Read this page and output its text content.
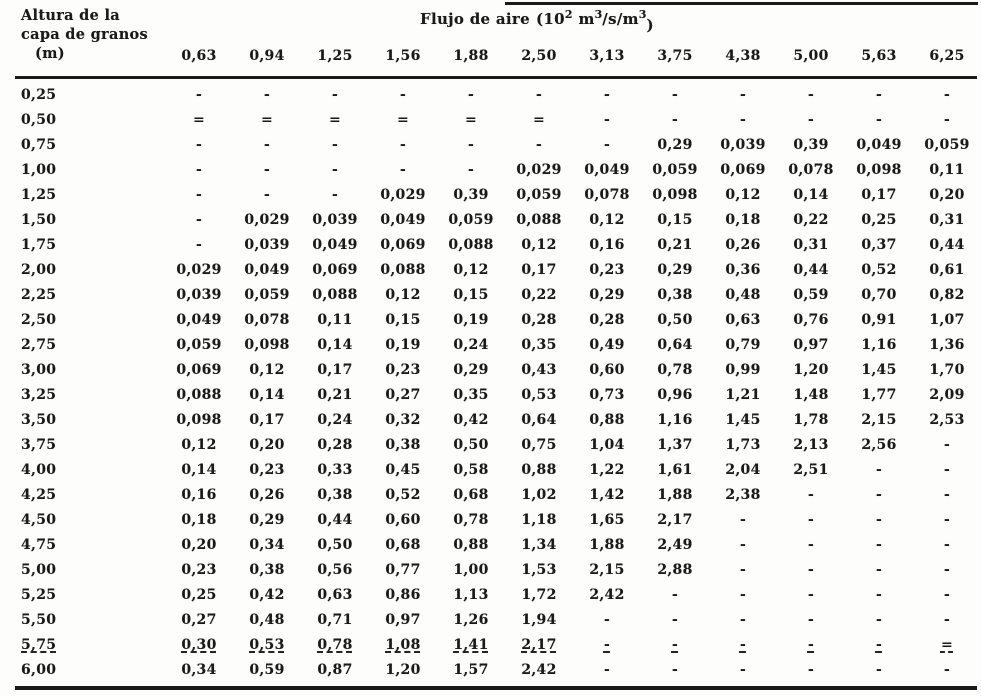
Altura de la
capa de granos
(m)
Flujo de aire ($10^2$ $m^3/s/m^3$)
0,63	0,94	1,25	1,56	1,88	2,50	3,13	3,75	4,38	5,00	5,63	6,25
0,25	-	-	-	-	-	-	-	-	-	-	-	-
0,50	=	=	=	=	=	=	-	-	-	-	-	-
0,75	-	-	-	-	-	-	-	0,29	0,039	0,39	0,049	0,059
1,00	-	-	-	-	-	0,029	0,049	0,059	0,069	0,078	0,098	0,11
1,25	-	-	-	0,029	0,39	0,059	0,078	0,098	0,12	0,14	0,17	0,20
1,50	-	0,029	0,039	0,049	0,059	0,088	0,12	0,15	0,18	0,22	0,25	0,31
1,75	-	0,039	0,049	0,069	0,088	0,12	0,16	0,21	0,26	0,31	0,37	0,44
2,00	0,029	0,049	0,069	0,088	0,12	0,17	0,23	0,29	0,36	0,44	0,52	0,61
2,25	0,039	0,059	0,088	0,12	0,15	0,22	0,29	0,38	0,48	0,59	0,70	0,82
2,50	0,049	0,078	0,11	0,15	0,19	0,28	0,28	0,50	0,63	0,76	0,91	1,07
2,75	0,059	0,098	0,14	0,19	0,24	0,35	0,49	0,64	0,79	0,97	1,16	1,36
3,00	0,069	0,12	0,17	0,23	0,29	0,43	0,60	0,78	0,99	1,20	1,45	1,70
3,25	0,088	0,14	0,21	0,27	0,35	0,53	0,73	0,96	1,21	1,48	1,77	2,09
3,50	0,098	0,17	0,24	0,32	0,42	0,64	0,88	1,16	1,45	1,78	2,15	2,53
3,75	0,12	0,20	0,28	0,38	0,50	0,75	1,04	1,37	1,73	2,13	2,56	-
4,00	0,14	0,23	0,33	0,45	0,58	0,88	1,22	1,61	2,04	2,51	-	-
4,25	0,16	0,26	0,38	0,52	0,68	1,02	1,42	1,88	2,38	-	-	-
4,50	0,18	0,29	0,44	0,60	0,78	1,18	1,65	2,17	-	-	-	-
4,75	0,20	0,34	0,50	0,68	0,88	1,34	1,88	2,49	-	-	-	-
5,00	0,23	0,38	0,56	0,77	1,00	1,53	2,15	2,88	-	-	-	-
5,25	0,25	0,42	0,63	0,86	1,13	1,72	2,42	-	-	-	-	-
5,50	0,27	0,48	0,71	0,97	1,26	1,94	-	-	-	-	-	-
5,75	0,30	0,53	0,78	1,08	1,41	2,17	-	-	-	-	-	=
6,00	0,34	0,59	0,87	1,20	1,57	2,42	-	-	-	-	-	-
